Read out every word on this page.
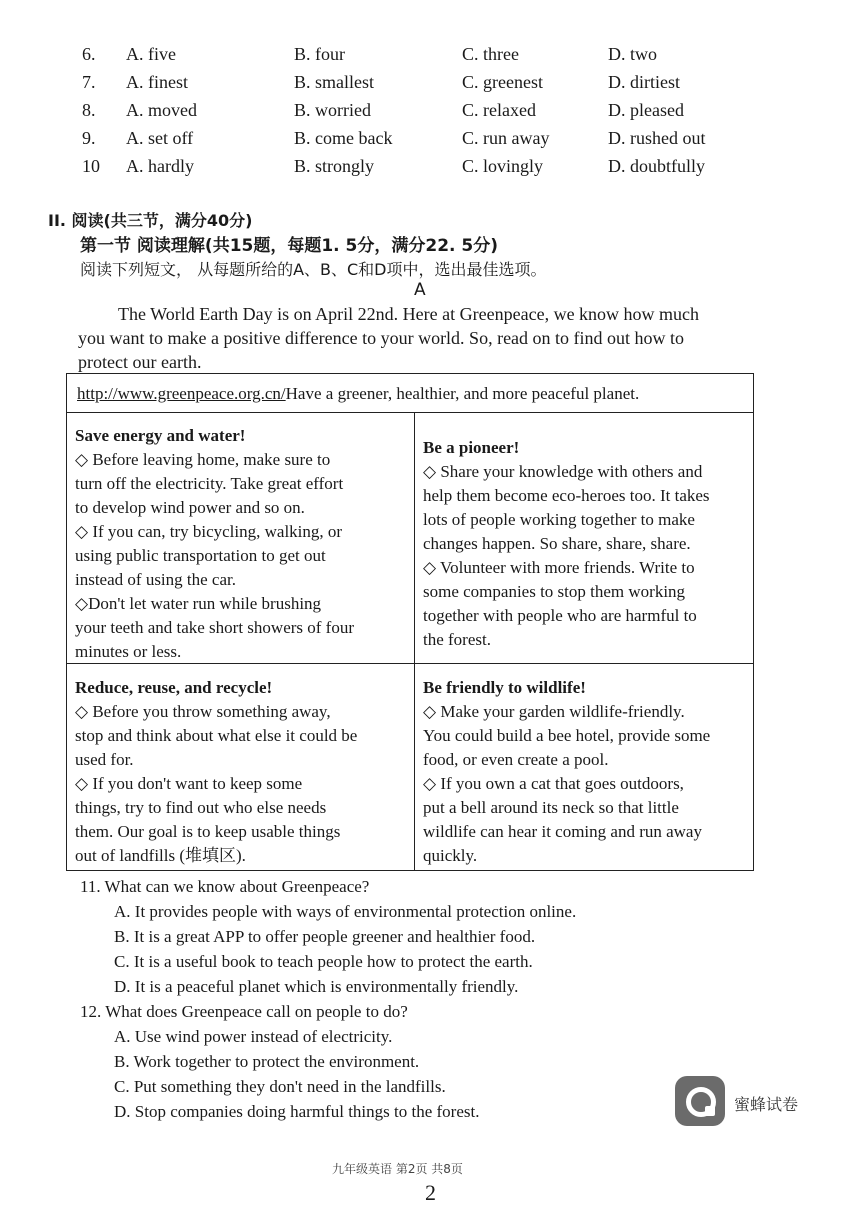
6. A. five	B. four	C. three	D. two
7. A. finest	B. smallest	C. greenest	D. dirtiest
8. A. moved	B. worried	C. relaxed	D. pleased
9. A. set off	B. come back	C. run away	D. rushed out
10 A. hardly	B. strongly	C. lovingly	D. doubtfully
II. 阅读(共三节，满分40分)
第一节 阅读理解(共15题，每题1. 5分，满分22. 5分)
阅读下列短文， 从每题所给的A、B、C和D项中，选出最佳选项。
A
The World Earth Day is on April 22nd. Here at Greenpeace, we know how much
you want to make a positive difference to your world. So, read on to find out how to
protect our earth.
http://www.greenpeace.org.cn/Have a greener, healthier, and more peaceful planet.
Save energy and water!

◇ Before leaving home, make sure to

turn off the electricity. Take great effort

to develop wind power and so on.

◇ If you can, try bicycling, walking, or

using public transportation to get out

instead of using the car.

◇Don't let water run while brushing

your teeth and take short showers of four

minutes or less.

Be a pioneer!

◇ Share your knowledge with others and

help them become eco-heroes too. It takes

lots of people working together to make

changes happen. So share, share, share.

◇ Volunteer with more friends. Write to

some companies to stop them working

together with people who are harmful to

the forest.

Reduce, reuse, and recycle!

◇ Before you throw something away,

stop and think about what else it could be

used for.

◇ If you don't want to keep some

things, try to find out who else needs

them. Our goal is to keep usable things

out of landfills (堆填区).

Be friendly to wildlife!

◇ Make your garden wildlife-friendly.

You could build a bee hotel, provide some

food, or even create a pool.

◇ If you own a cat that goes outdoors,

put a bell around its neck so that little

wildlife can hear it coming and run away

quickly.

11. What can we know about Greenpeace?
A. It provides people with ways of environmental protection online.
B. It is a great APP to offer people greener and healthier food.
C. It is a useful book to teach people how to protect the earth.
D. It is a peaceful planet which is environmentally friendly.
12. What does Greenpeace call on people to do?
A. Use wind power instead of electricity.
B. Work together to protect the environment.
C. Put something they don't need in the landfills.
D. Stop companies doing harmful things to the forest.	蜜蜂试卷
九年级英语 第2页 共8页
2
